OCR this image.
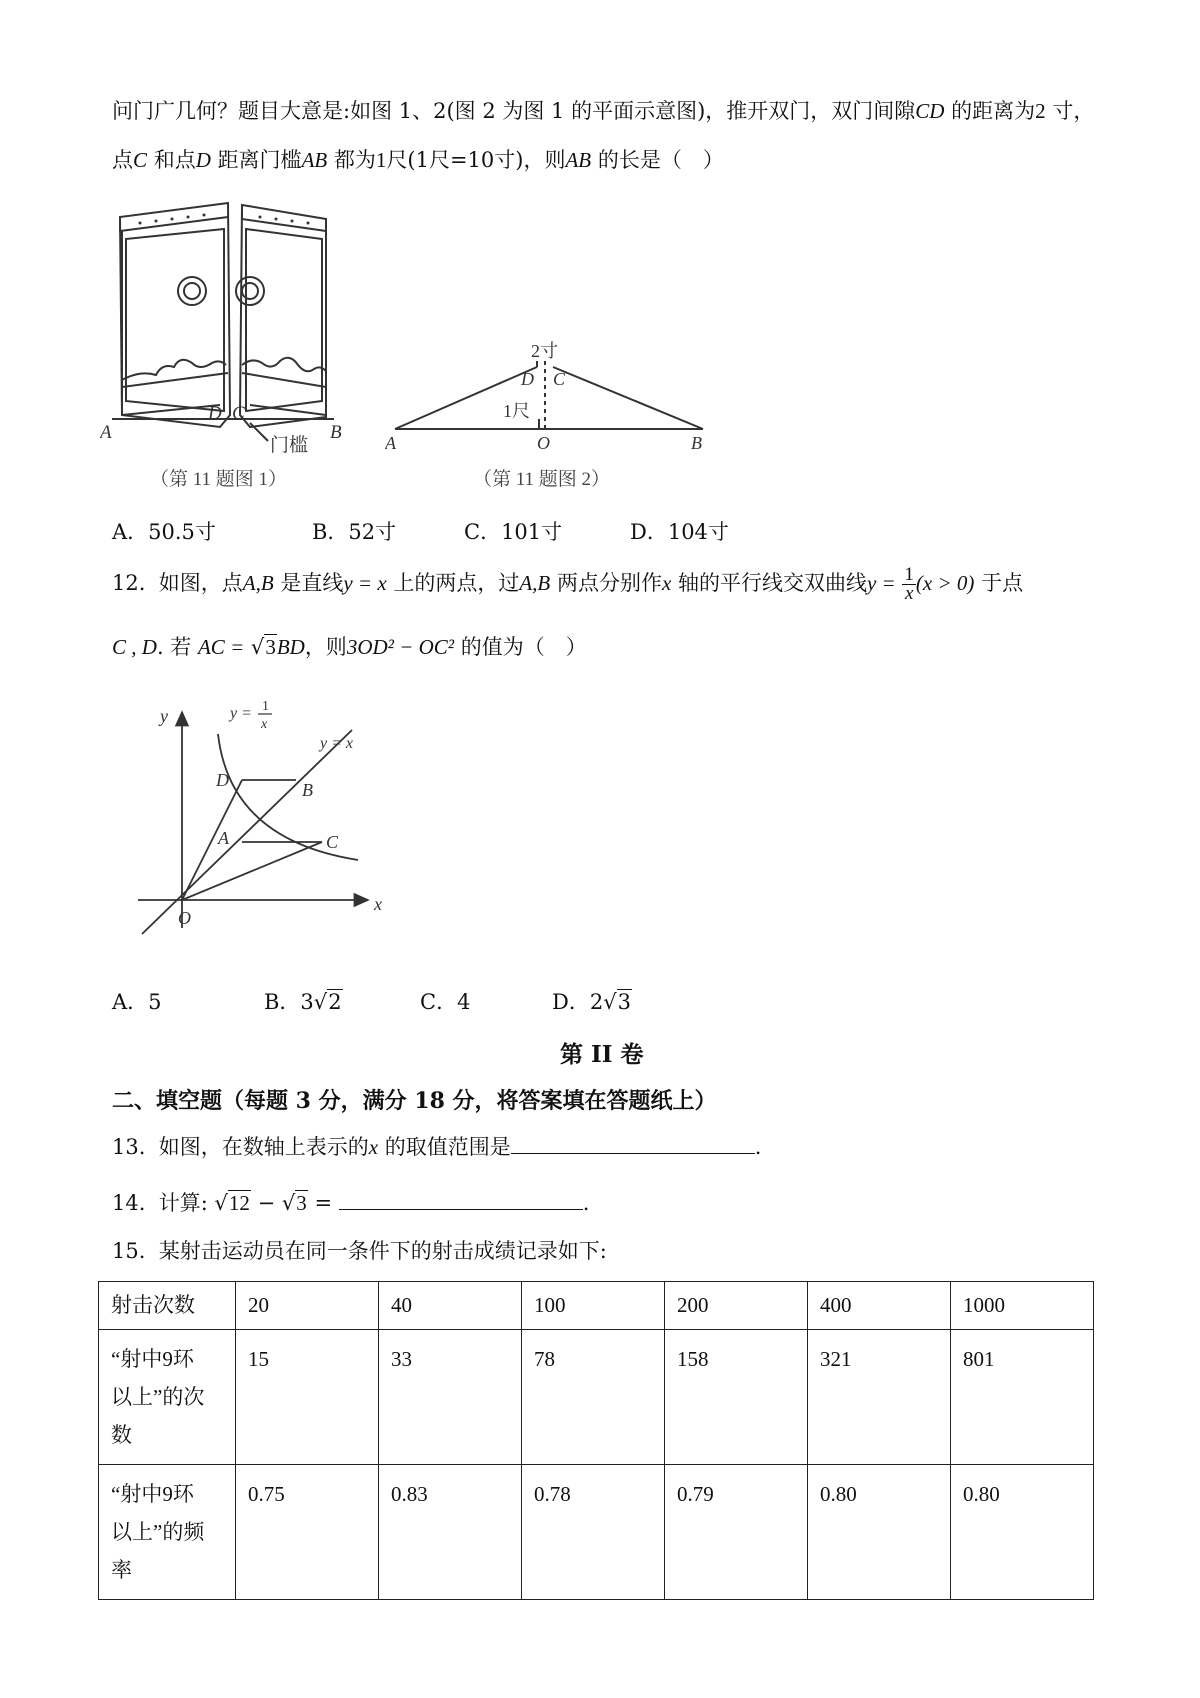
问门广几何？题目大意是:如图 1、2(图 2 为图 1 的平面示意图)，推开双门，双门间隙CD 的距离为2 寸，
点C 和点D 距离门槛AB 都为1尺(1尺=10寸)，则AB 的长是（　）
A	B
D C
门槛
（第 11 题图 1）
2寸
D C
1尺
A	O	B
（第 11 题图 2）
A．50.5寸	B．52寸	C．101寸	D．104寸
12. 如图，点A,B 是直线y = x 上的两点，过A,B 两点分别作x 轴的平行线交双曲线$y = \frac{1}{x} (x > 0)$ 于点
C , D. 若 AC = √3BD，则3OD² − OC² 的值为（　）
y
x
O
y = 1
x
y = x
D	B
A	C
A．5	B．3√2	C．4	D．2√3
第 II 卷
二、填空题（每题 3 分，满分 18 分，将答案填在答题纸上）
13. 如图，在数轴上表示的x 的取值范围是	.
14. 计算: √12 − √3 =	.
15. 某射击运动员在同一条件下的射击成绩记录如下:
射击次数	20	40	100	200	400	1000
“射中9环
以上”的次数	15	33	78	158	321	801
“射中9环
以上”的频率	0.75	0.83	0.78	0.79	0.80	0.80
